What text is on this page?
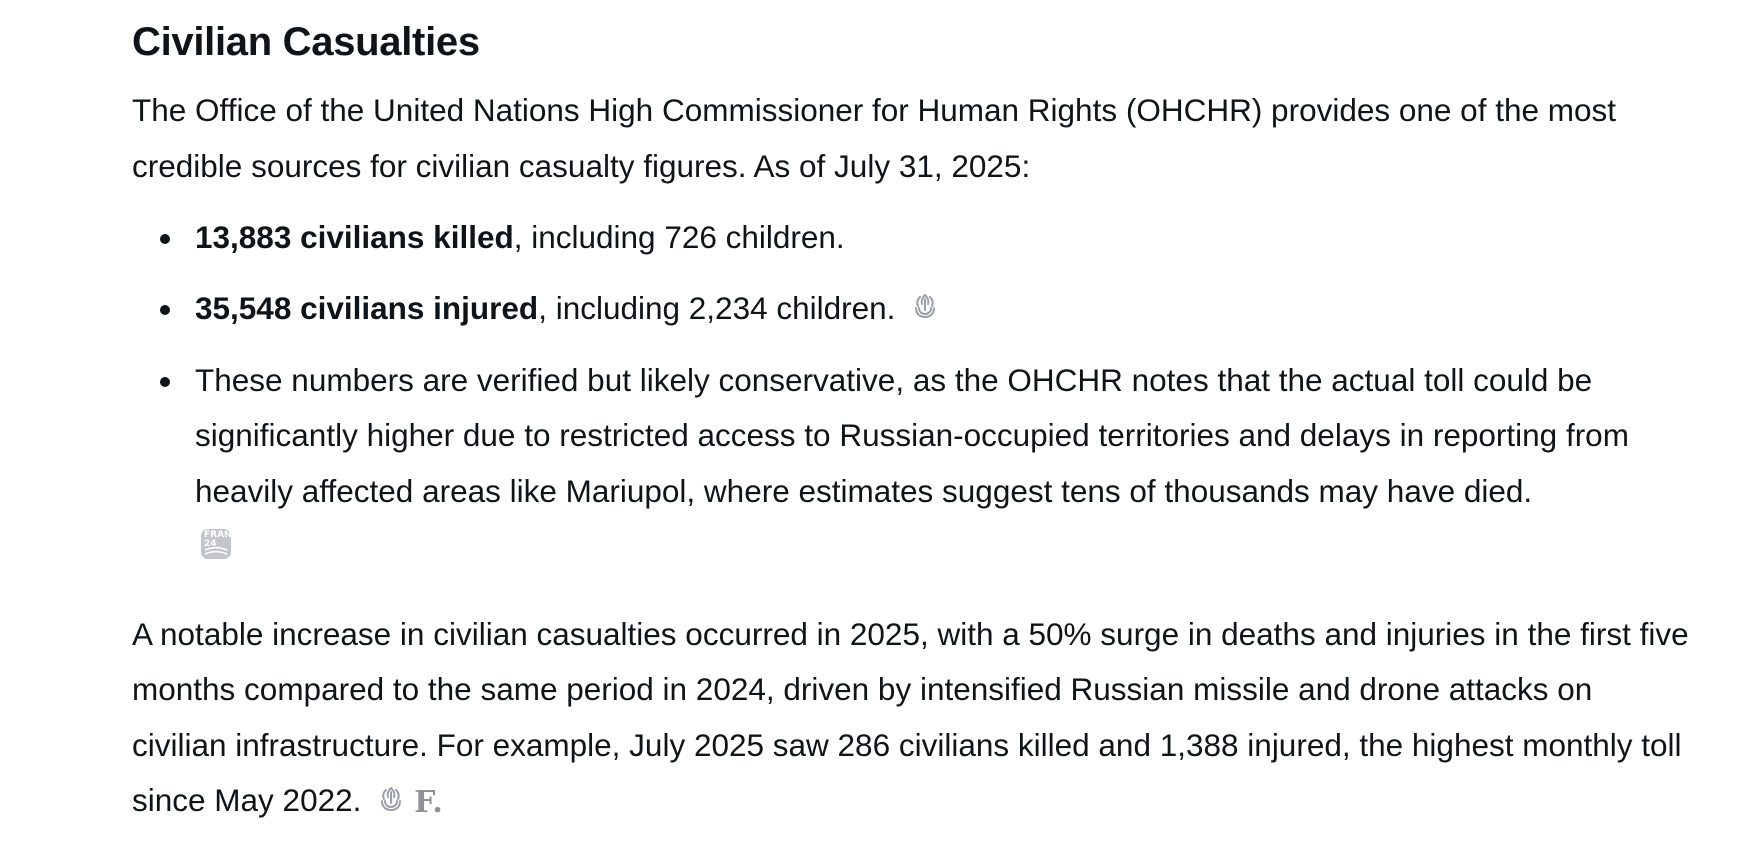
Civilian Casualties

The Office of the United Nations High Commissioner for Human Rights (OHCHR) provides one of the most credible sources for civilian casualty figures. As of July 31, 2025:

13,883 civilians killed, including 726 children.
35,548 civilians injured, including 2,234 children.
These numbers are verified but likely conservative, as the OHCHR notes that the actual toll could be significantly higher due to restricted access to Russian-occupied territories and delays in reporting from heavily affected areas like Mariupol, where estimates suggest tens of thousands may have died.
FRANCE 24

A notable increase in civilian casualties occurred in 2025, with a 50% surge in deaths and injuries in the first five months compared to the same period in 2024, driven by intensified Russian missile and drone attacks on civilian infrastructure. For example, July 2025 saw 286 civilians killed and 1,388 injured, the highest monthly toll since May 2022. F.
